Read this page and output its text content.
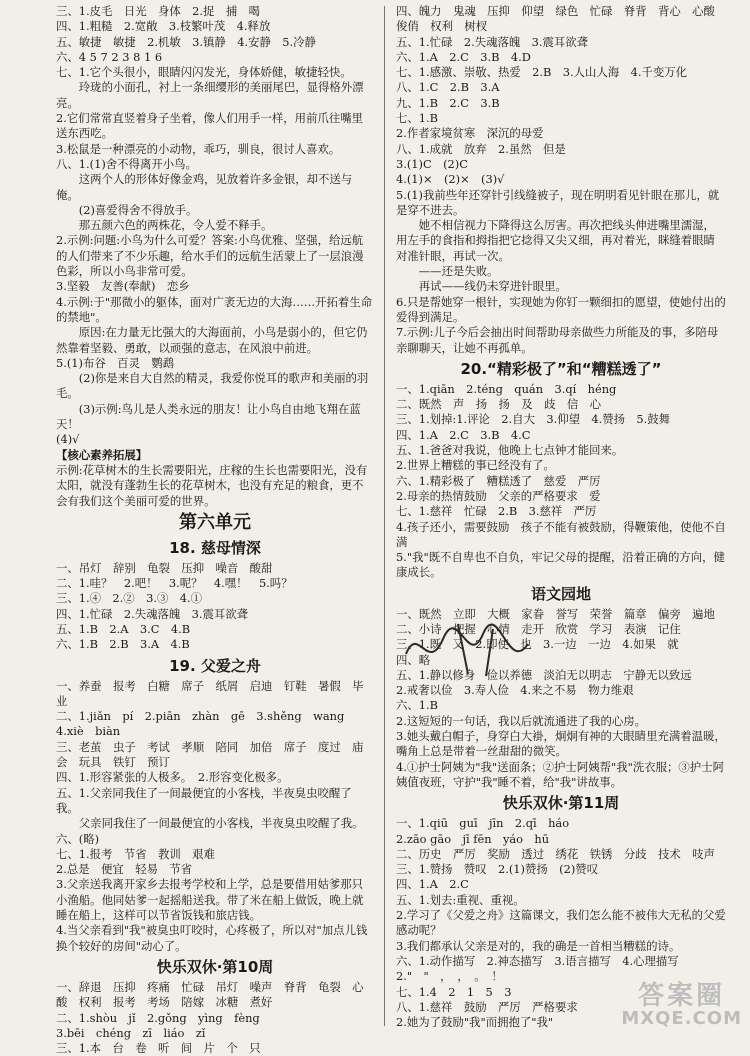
三、1.皮毛　日光　身体　2.捉　捕　喝
四、1.粗糙　2.宽敞　3.枝繁叶茂　4.释放
五、敏捷　敏捷　2.机敏　3.镇静　4.安静　5.冷静
六、4 5 7 2 3 8 1 6
七、1.它个头很小，眼睛闪闪发光，身体娇健，敏捷轻快。
　　玲珑的小面孔，衬上一条细缨形的美丽尾巴，显得格外漂亮。
2.它们常常直竖着身子坐着，像人们用手一样，用前爪往嘴里送东西吃。
3.松鼠是一种漂亮的小动物，乖巧，驯良，很讨人喜欢。
八、1.(1)舍不得离开小鸟。
　　这两个人的形体好像金鸡，见放着许多金银，却不送与俺。
　　(2)喜爱得舍不得放手。
　　那五颜六色的两株花，令人爱不释手。
2.示例:问题:小鸟为什么可爱？答案:小鸟优雅、坚强，给远航的人们带来了不少乐趣，给水手们的远航生活蒙上了一层浪漫色彩，所以小鸟非常可爱。
3.坚毅　友善(奉献)　恋乡
4.示例:于"那微小的躯体，面对广袤无边的大海……开拓着生命的禁地"。
　　原因:在力量无比强大的大海面前，小鸟是弱小的，但它仍然靠着坚毅、勇敢，以顽强的意志，在风浪中前进。
5.(1)布谷　百灵　鹦鹉
　　(2)你是来自大自然的精灵，我爱你悦耳的歌声和美丽的羽毛。
　　(3)示例:鸟儿是人类永远的朋友！让小鸟自由地飞翔在蓝天！
(4)√
【核心素养拓展】
示例:花草树木的生长需要阳光，庄稼的生长也需要阳光，没有太阳，就没有蓬勃生长的花草树木，也没有充足的粮食，更不会有我们这个美丽可爱的世界。
第六单元
18. 慈母情深
一、吊灯　辞别　龟裂　压抑　噪音　酸甜
二、1.哇？　2.吧！　3.呢？　4.嘿！　5.吗？
三、1.④　2.②　3.③　4.①
四、1.忙碌　2.失魂落魄　3.震耳欲聋
五、1.B　2.A　3.C　4.B
六、1.B　2.B　3.A　4.B
19. 父爱之舟
一、养蚕　报考　白糖　席子　纸屑　启迪　钉鞋　暑假　毕业
二、1.jiǎn　pí　2.piān　zhàn　gē　3.shěng　wang
4.xiè　biàn
三、老茧　虫子　考试　孝顺　陪同　加倍　席子　度过　庙会　玩具　铁钉　预订
四、1.形容紧张的人极多。　2.形容变化极多。
五、1.父亲同我住了一间最便宜的小客栈，半夜臭虫咬醒了我。
　　父亲同我住了一间最便宜的小客栈，半夜臭虫咬醒了我。
六、(略)
七、1.报考　节省　教训　艰难
2.总是　便宜　轻易　节省
3.父亲送我离开家乡去报考学校和上学，总是要借用姑爹那只小渔船。他同姑爹一起摇船送我。带了米在船上做饭，晚上就睡在船上，这样可以节省饭钱和旅店钱。
4.当父亲看到"我"被臭虫叮咬时，心疼极了，所以对"加点儿钱换个较好的房间"动心了。
快乐双休·第10周
一、辞退　压抑　疼痛　忙碌　吊灯　噪声　脊背　龟裂　心酸　权利　报考　考场　陪嫁　冰糖　煮好
二、1.shòu　jǐ　2.gǒng　yìng　fèng
3.bēi　chéng　zī　liáo　zǐ
三、1.本　台　卷　听　间　片　个　只
四、魄力　鬼魂　压抑　仰望　绿色　忙碌　脊背　背心　心酸　俊俏　权利　树杈
五、1.忙碌　2.失魂落魄　3.震耳欲聋
六、1.A　2.C　3.B　4.D
七、1.感激、崇敬、热爱　2.B　3.人山人海　4.千变万化
八、1.C　2.B　3.A
九、1.B　2.C　3.B
七、1.B
2.作者家境贫寒　深沉的母爱
八、1.成就　放弃　2.虽然　但是
3.(1)C　(2)C
4.(1)×　(2)×　(3)√
5.(1)我前些年还穿针引线缝被子，现在明明看见针眼在那儿，就是穿不进去。
　　她不相信视力下降得这么厉害。再次把线头伸进嘴里濡湿，用左手的食指和拇指把它捻得又尖又细，再对着光，眯缝着眼睛对准针眼，再试一次。
　　——还是失败。
　　再试——线仍未穿进针眼里。
6.只是帮她穿一根针，实现她为你钉一颗细扣的愿望，使她付出的爱得到满足。
7.示例:儿子今后会抽出时间帮助母亲做些力所能及的事，多陪母亲聊聊天，让她不再孤单。
20.“精彩极了”和“糟糕透了”
一、1.qiān　2.téng　quán　3.qí　héng
二、既然　声　扬　扬　及　歧　信　心
三、1.划掉:1.评论　2.自大　3.仰望　4.赞扬　5.鼓舞
四、1.A　2.C　3.B　4.C
五、1.爸爸对我说，他晚上七点钟才能回来。
2.世界上糟糕的事已经没有了。
六、1.精彩极了　糟糕透了　慈爱　严厉
2.母亲的热情鼓励　父亲的严格要求　爱
七、1.慈祥　忙碌　2.B　3.慈祥　严厉
4.孩子还小，需要鼓励　孩子不能有被鼓励，得鞭策他，使他不自满
5."我"既不自卑也不自负，牢记父母的提醒，沿着正确的方向，健康成长。
语文园地
一、既然　立即　大概　家眷　誉写　荣誉　篇章　偏旁　遍地
二、小诗　把握　心情　走开　欣赏　学习　表演　记住
三、1.既　又　2.即使　也　3.一边　一边　4.如果　就
四、略
五、1.静以修身　俭以养德　淡泊无以明志　宁静无以致远
2.戒奢以俭　3.寿人俭　4.来之不易　物力维艰
六、1.B
2.这短短的一句话，我以后就流通进了我的心房。
3.她头戴白帽子，身穿白大褂，炯炯有神的大眼睛里充满着温暖，嘴角上总是带着一丝甜甜的微笑。
4.①护士阿姨为"我"送面条；②护士阿姨帮"我"洗衣服；③护士阿姨值夜班，守护"我"睡不着，给"我"讲故事。
快乐双休·第11周
一、1.qiū　guī　jīn　2.qī　háo
2.zāo gāo　jī fēn　yáo　hū
二、历史　严厉　奖励　透过　绣花　铁锈　分歧　技术　吱声
三、1.赞扬　赞叹　2.(1)赞扬　(2)赞叹
四、1.A　2.C
五、1.划去:重视、重视。
2.学习了《父爱之舟》这篇课文，我们怎么能不被伟大无私的父爱感动呢？
3.我们都承认父亲是对的，我的确是一首相当糟糕的诗。
六、1.动作描写　2.神态描写　3.语言描写　4.心理描写
2."　"　，　，　。　！
七、1.4　2　1　5　3
八、1.慈祥　鼓励　严厉　严格要求
2.她为了鼓励"我"而拥抱了"我"
答案圈
MXQE.COM
